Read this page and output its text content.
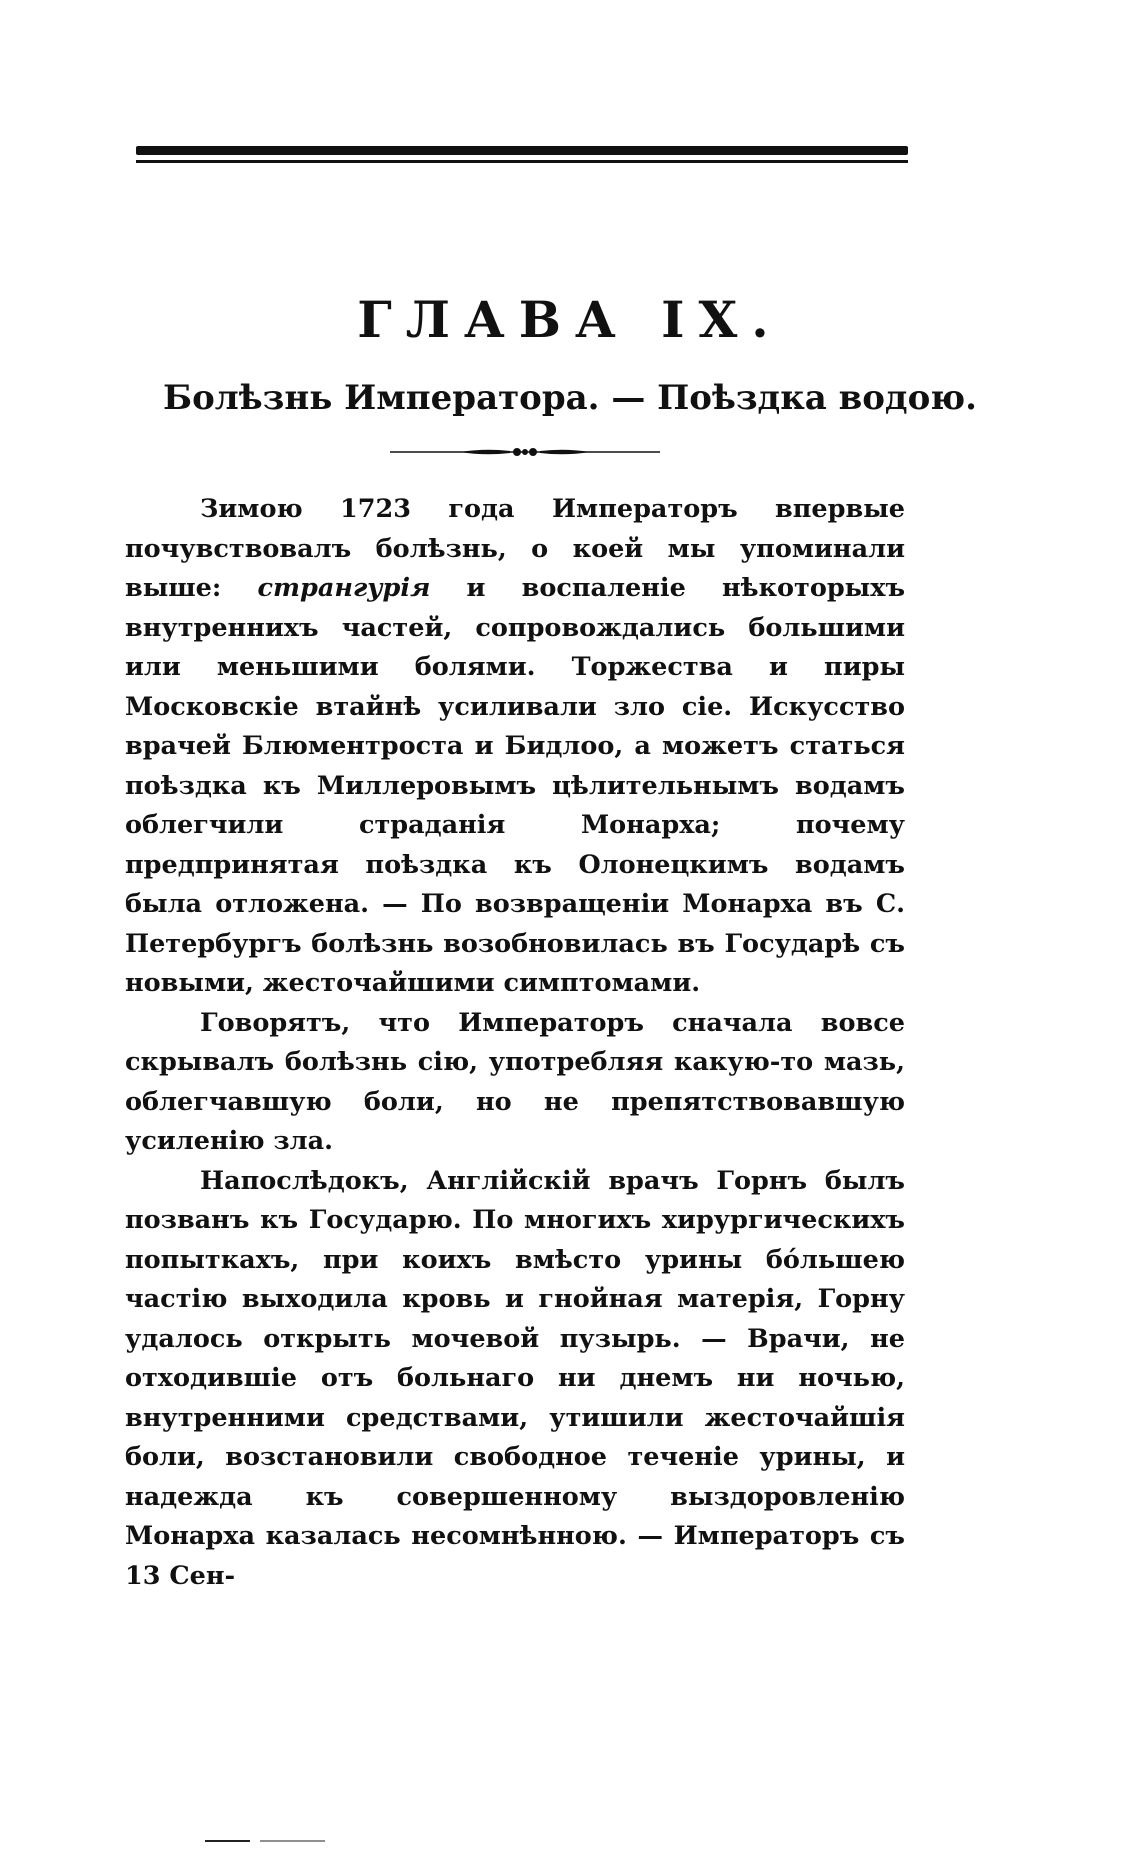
ГЛАВА IX.
Болѣзнь Императора. — Поѣздка водою.

Зимою 1723 года Императоръ впервые почувствовалъ болѣзнь, о коей мы упоминали выше: странгурія и воспаленіе нѣкоторыхъ внутреннихъ частей, сопровождались большими или меньшими болями. Торжества и пиры Московскіе втайнѣ усиливали зло сіе. Искусство врачей Блюментроста и Бидлоо, а можетъ статься поѣздка къ Миллеровымъ цѣлительнымъ водамъ облегчили страданія Монарха; почему предпринятая поѣздка къ Олонецкимъ водамъ была отложена. — По возвращеніи Монарха въ С. Петербургъ болѣзнь возобновилась въ Государѣ съ новыми, жесточайшими симптомами.

Говорятъ, что Императоръ сначала вовсе скрывалъ болѣзнь сію, употребляя какую-то мазь, облегчавшую боли, но не препятствовавшую усиленію зла.

Напослѣдокъ, Англійскій врачъ Горнъ былъ позванъ къ Государю. По многихъ хирургическихъ попыткахъ, при коихъ вмѣсто урины бóльшею частію выходила кровь и гнойная матерія, Горну удалось открыть мочевой пузырь. — Врачи, не отходившіе отъ больнаго ни днемъ ни ночью, внутренними средствами, утишили жесточайшія боли, возстановили свободное теченіе урины, и надежда къ совершенному выздоровленію Монарха казалась несомнѣнною. — Императоръ съ 13 Сен-
